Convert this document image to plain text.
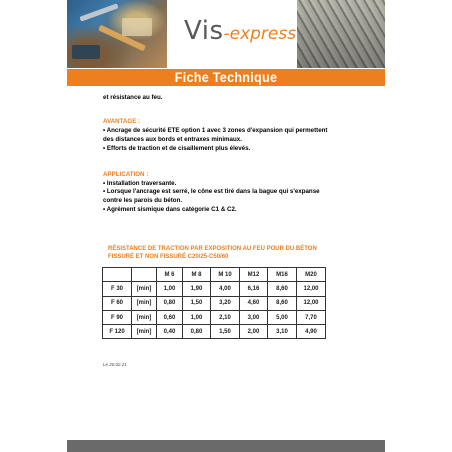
Vis-express
Fiche Technique
et résistance au feu.
AVANTAGE :
• Ancrage de sécurité ETE option 1 avec 3 zones d'expansion qui permettent
des distances aux bords et entraxes minimaux.
• Efforts de traction et de cisaillement plus élevés.
APPLICATION :
• Installation traversante.
• Lorsque l'ancrage est serré, le cône est tiré dans la bague qui s'expanse
contre les parois du béton.
• Agrément sismique dans catégorie C1 & C2.
RÉSISTANCE DE TRACTION PAR EXPOSITION AU FEU POUR DU BÉTON
FISSURÉ ET NON FISSURÉ C20/25-C50/60
		M 6	M 8	M 10	M12	M16	M20
F 30	[min]	1,00	1,90	4,00	6,16	8,60	12,00
F 60	[min]	0,80	1,50	3,20	4,60	8,60	12,00
F 90	[min]	0,60	1,00	2,10	3,00	5,00	7,70
F 120	[min]	0,40	0,80	1,50	2,00	3,10	4,90
Le 20.02.21
